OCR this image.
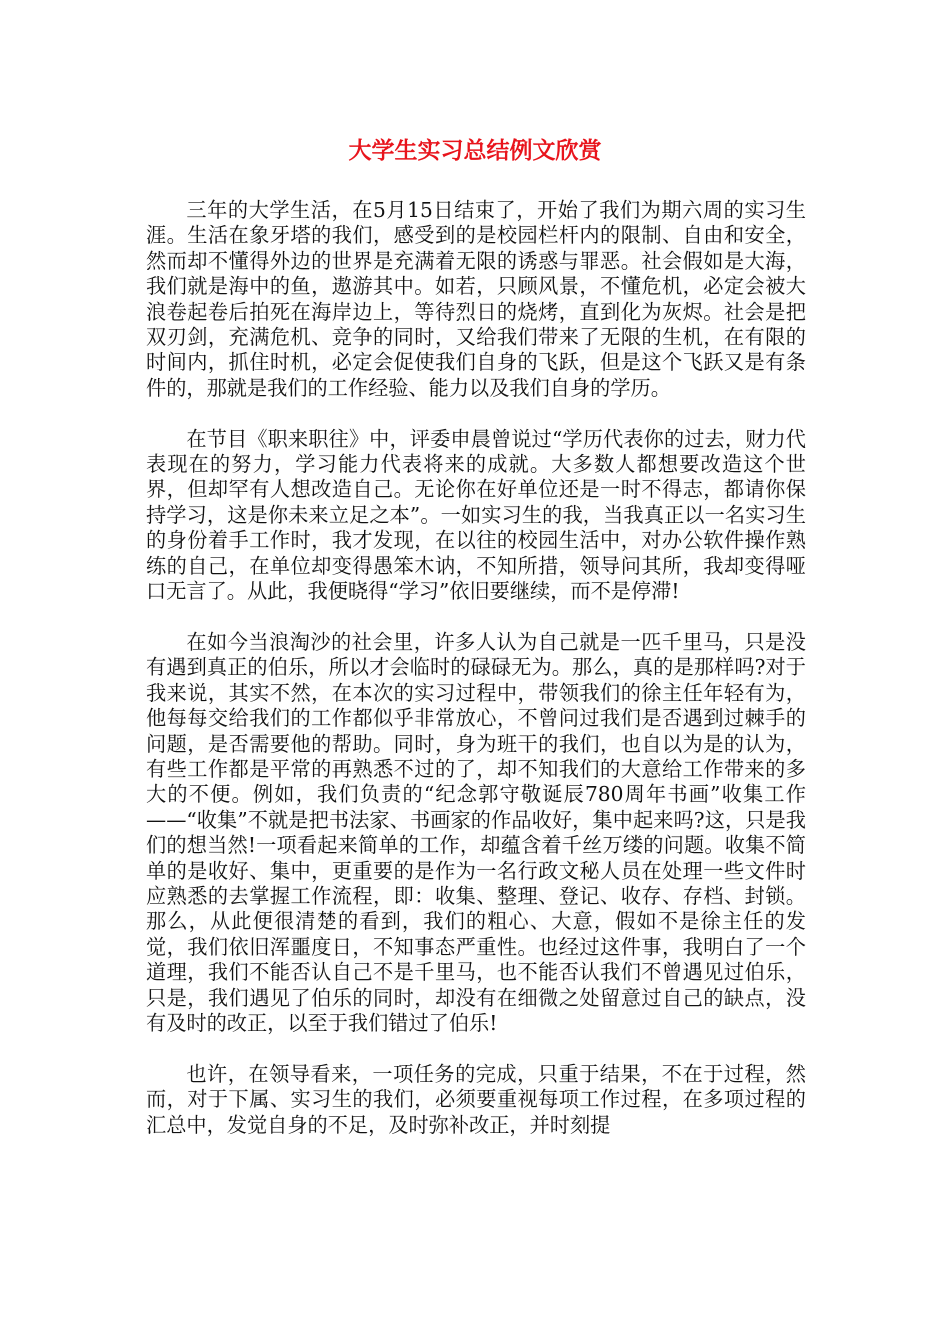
大学生实习总结例文欣赏

三年的大学生活，在5月15日结束了，开始了我们为期六周的实习生涯。生活在象牙塔的我们，感受到的是校园栏杆内的限制、自由和安全，然而却不懂得外边的世界是充满着无限的诱惑与罪恶。社会假如是大海，我们就是海中的鱼，遨游其中。如若，只顾风景，不懂危机，必定会被大浪卷起卷后拍死在海岸边上，等待烈日的烧烤，直到化为灰烬。社会是把双刃剑，充满危机、竞争的同时，又给我们带来了无限的生机，在有限的时间内，抓住时机，必定会促使我们自身的飞跃，但是这个飞跃又是有条件的，那就是我们的工作经验、能力以及我们自身的学历。

在节目《职来职往》中，评委申晨曾说过“学历代表你的过去，财力代表现在的努力，学习能力代表将来的成就。大多数人都想要改造这个世界，但却罕有人想改造自己。无论你在好单位还是一时不得志，都请你保持学习，这是你未来立足之本”。一如实习生的我，当我真正以一名实习生的身份着手工作时，我才发现，在以往的校园生活中，对办公软件操作熟练的自己，在单位却变得愚笨木讷，不知所措，领导问其所，我却变得哑口无言了。从此，我便晓得“学习”依旧要继续，而不是停滞!

在如今当浪淘沙的社会里，许多人认为自己就是一匹千里马，只是没有遇到真正的伯乐，所以才会临时的碌碌无为。那么，真的是那样吗?对于我来说，其实不然，在本次的实习过程中，带领我们的徐主任年轻有为，他每每交给我们的工作都似乎非常放心，不曾问过我们是否遇到过棘手的问题，是否需要他的帮助。同时，身为班干的我们，也自以为是的认为，有些工作都是平常的再熟悉不过的了，却不知我们的大意给工作带来的多大的不便。例如，我们负责的“纪念郭守敬诞辰780周年书画”收集工作——“收集”不就是把书法家、书画家的作品收好，集中起来吗?这，只是我们的想当然!一项看起来简单的工作，却蕴含着千丝万缕的问题。收集不简单的是收好、集中，更重要的是作为一名行政文秘人员在处理一些文件时应熟悉的去掌握工作流程，即：收集、整理、登记、收存、存档、封锁。那么，从此便很清楚的看到，我们的粗心、大意，假如不是徐主任的发觉，我们依旧浑噩度日，不知事态严重性。也经过这件事，我明白了一个道理，我们不能否认自己不是千里马，也不能否认我们不曾遇见过伯乐，只是，我们遇见了伯乐的同时，却没有在细微之处留意过自己的缺点，没有及时的改正，以至于我们错过了伯乐!

也许，在领导看来，一项任务的完成，只重于结果，不在于过程，然而，对于下属、实习生的我们，必须要重视每项工作过程，在多项过程的汇总中，发觉自身的不足，及时弥补改正，并时刻提
